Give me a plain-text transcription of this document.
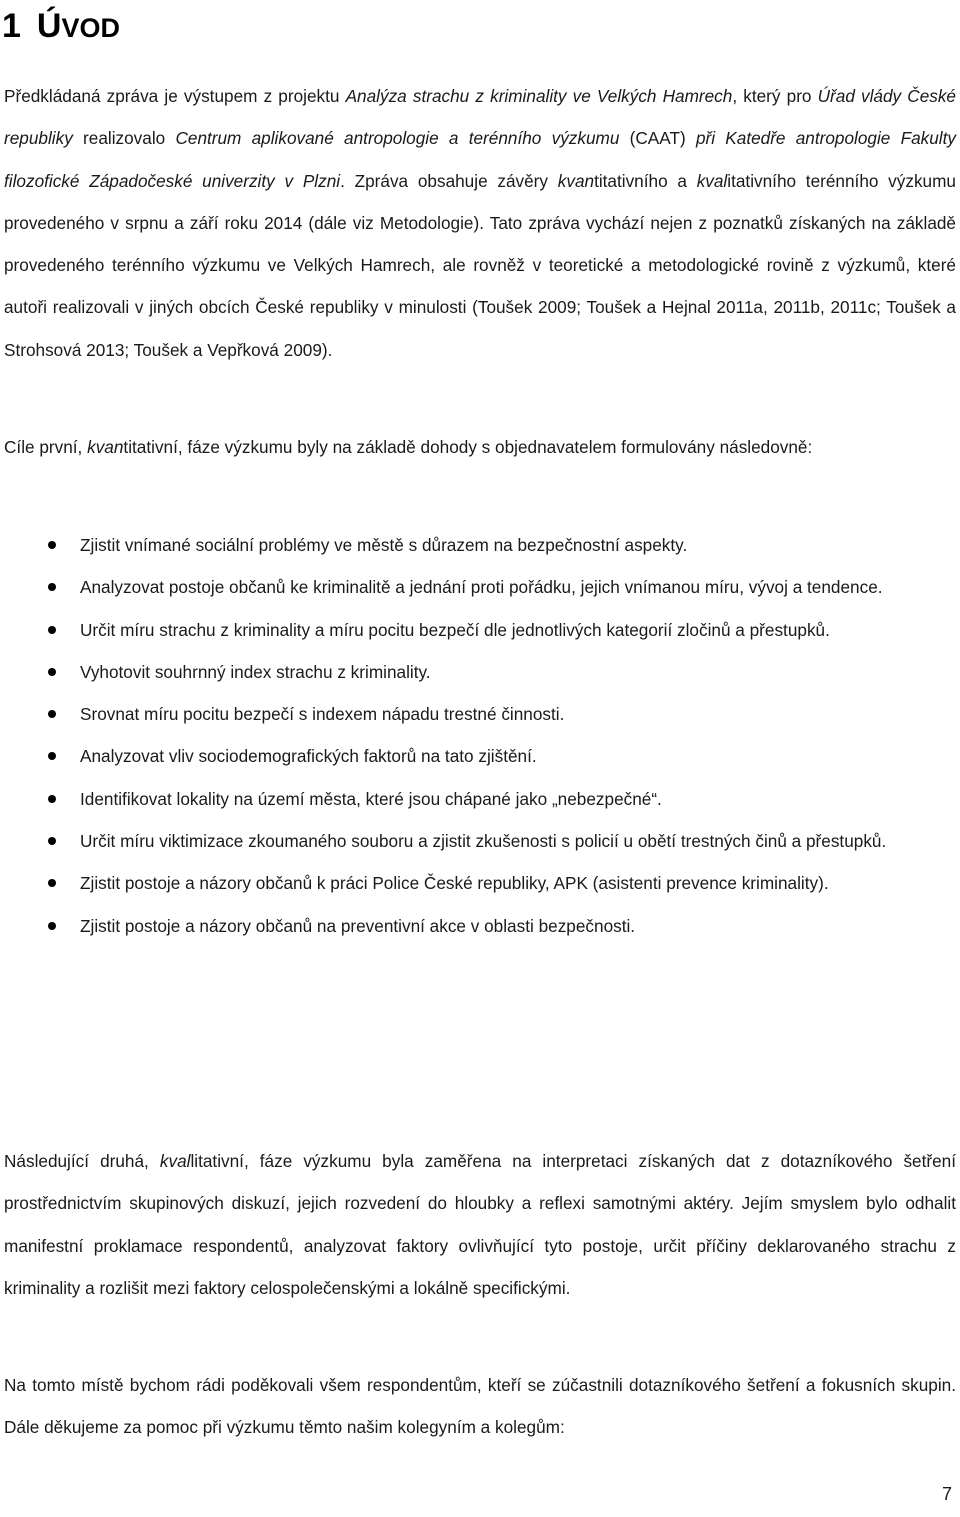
1 ÚVOD

Předkládaná zpráva je výstupem z projektu Analýza strachu z kriminality ve Velkých Hamrech, který pro Úřad vlády České republiky realizovalo Centrum aplikované antropologie a terénního výzkumu (CAAT) při Katedře antropologie Fakulty filozofické Západočeské univerzity v Plzni. Zpráva obsahuje závěry kvantitativního a kvalitativního terénního výzkumu provedeného v srpnu a září roku 2014 (dále viz Metodologie). Tato zpráva vychází nejen z poznatků získaných na základě provedeného terénního výzkumu ve Velkých Hamrech, ale rovněž v teoretické a metodologické rovině z výzkumů, které autoři realizovali v jiných obcích České republiky v minulosti (Toušek 2009; Toušek a Hejnal 2011a, 2011b, 2011c; Toušek a Strohsová 2013; Toušek a Vepřková 2009).

Cíle první, kvantitativní, fáze výzkumu byly na základě dohody s objednavatelem formulovány následovně:

Zjistit vnímané sociální problémy ve městě s důrazem na bezpečnostní aspekty.
Analyzovat postoje občanů ke kriminalitě a jednání proti pořádku, jejich vnímanou míru, vývoj a tendence.
Určit míru strachu z kriminality a míru pocitu bezpečí dle jednotlivých kategorií zločinů a přestupků.
Vyhotovit souhrnný index strachu z kriminality.
Srovnat míru pocitu bezpečí s indexem nápadu trestné činnosti.
Analyzovat vliv sociodemografických faktorů na tato zjištění.
Identifikovat lokality na území města, které jsou chápané jako „nebezpečné“.
Určit míru viktimizace zkoumaného souboru a zjistit zkušenosti s policií u obětí trestných činů a přestupků.
Zjistit postoje a názory občanů k práci Police České republiky, APK (asistenti prevence kriminality).
Zjistit postoje a názory občanů na preventivní akce v oblasti bezpečnosti.

Následující druhá, kvallitativní, fáze výzkumu byla zaměřena na interpretaci získaných dat z dotazníkového šetření prostřednictvím skupinových diskuzí, jejich rozvedení do hloubky a reflexi samotnými aktéry. Jejím smyslem bylo odhalit manifestní proklamace respondentů, analyzovat faktory ovlivňující tyto postoje, určit příčiny deklarovaného strachu z kriminality a rozlišit mezi faktory celospolečenskými a lokálně specifickými.

Na tomto místě bychom rádi poděkovali všem respondentům, kteří se zúčastnili dotazníkového šetření a fokusních skupin. Dále děkujeme za pomoc při výzkumu těmto našim kolegyním a kolegům:

7
